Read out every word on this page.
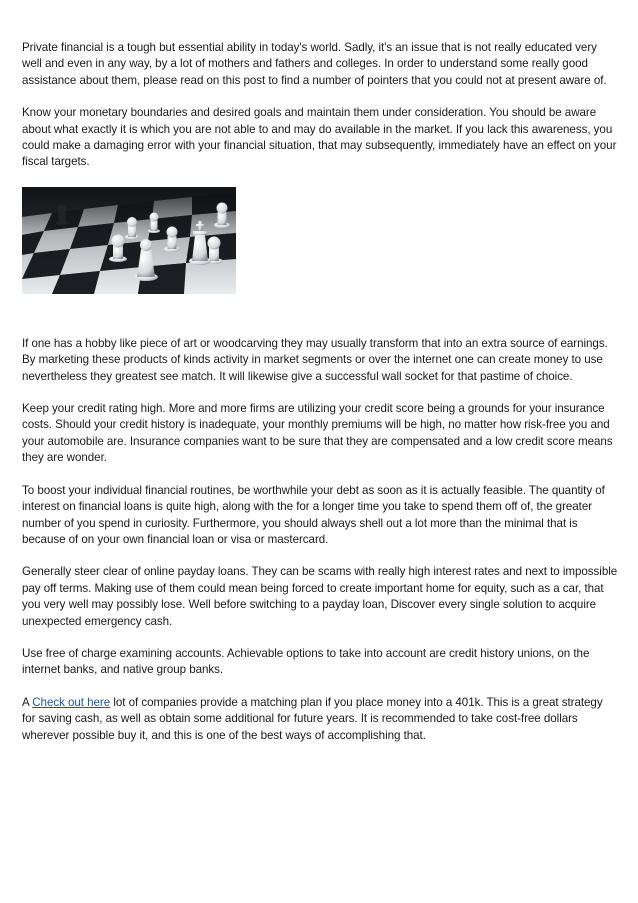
Private financial is a tough but essential ability in today's world. Sadly, it's an issue that is not really educated very well and even in any way, by a lot of mothers and fathers and colleges. In order to understand some really good assistance about them, please read on this post to find a number of pointers that you could not at present aware of.

Know your monetary boundaries and desired goals and maintain them under consideration. You should be aware about what exactly it is which you are not able to and may do available in the market. If you lack this awareness, you could make a damaging error with your financial situation, that may subsequently, immediately have an effect on your fiscal targets.

If one has a hobby like piece of art or woodcarving they may usually transform that into an extra source of earnings. By marketing these products of kinds activity in market segments or over the internet one can create money to use nevertheless they greatest see match. It will likewise give a successful wall socket for that pastime of choice.

Keep your credit rating high. More and more firms are utilizing your credit score being a grounds for your insurance costs. Should your credit history is inadequate, your monthly premiums will be high, no matter how risk-free you and your automobile are. Insurance companies want to be sure that they are compensated and a low credit score means they are wonder.

To boost your individual financial routines, be worthwhile your debt as soon as it is actually feasible. The quantity of interest on financial loans is quite high, along with the for a longer time you take to spend them off of, the greater number of you spend in curiosity. Furthermore, you should always shell out a lot more than the minimal that is because of on your own financial loan or visa or mastercard.

Generally steer clear of online payday loans. They can be scams with really high interest rates and next to impossible pay off terms. Making use of them could mean being forced to create important home for equity, such as a car, that you very well may possibly lose. Well before switching to a payday loan, Discover every single solution to acquire unexpected emergency cash.

Use free of charge examining accounts. Achievable options to take into account are credit history unions, on the internet banks, and native group banks.

A Check out here lot of companies provide a matching plan if you place money into a 401k. This is a great strategy for saving cash, as well as obtain some additional for future years. It is recommended to take cost-free dollars wherever possible buy it, and this is one of the best ways of accomplishing that.
